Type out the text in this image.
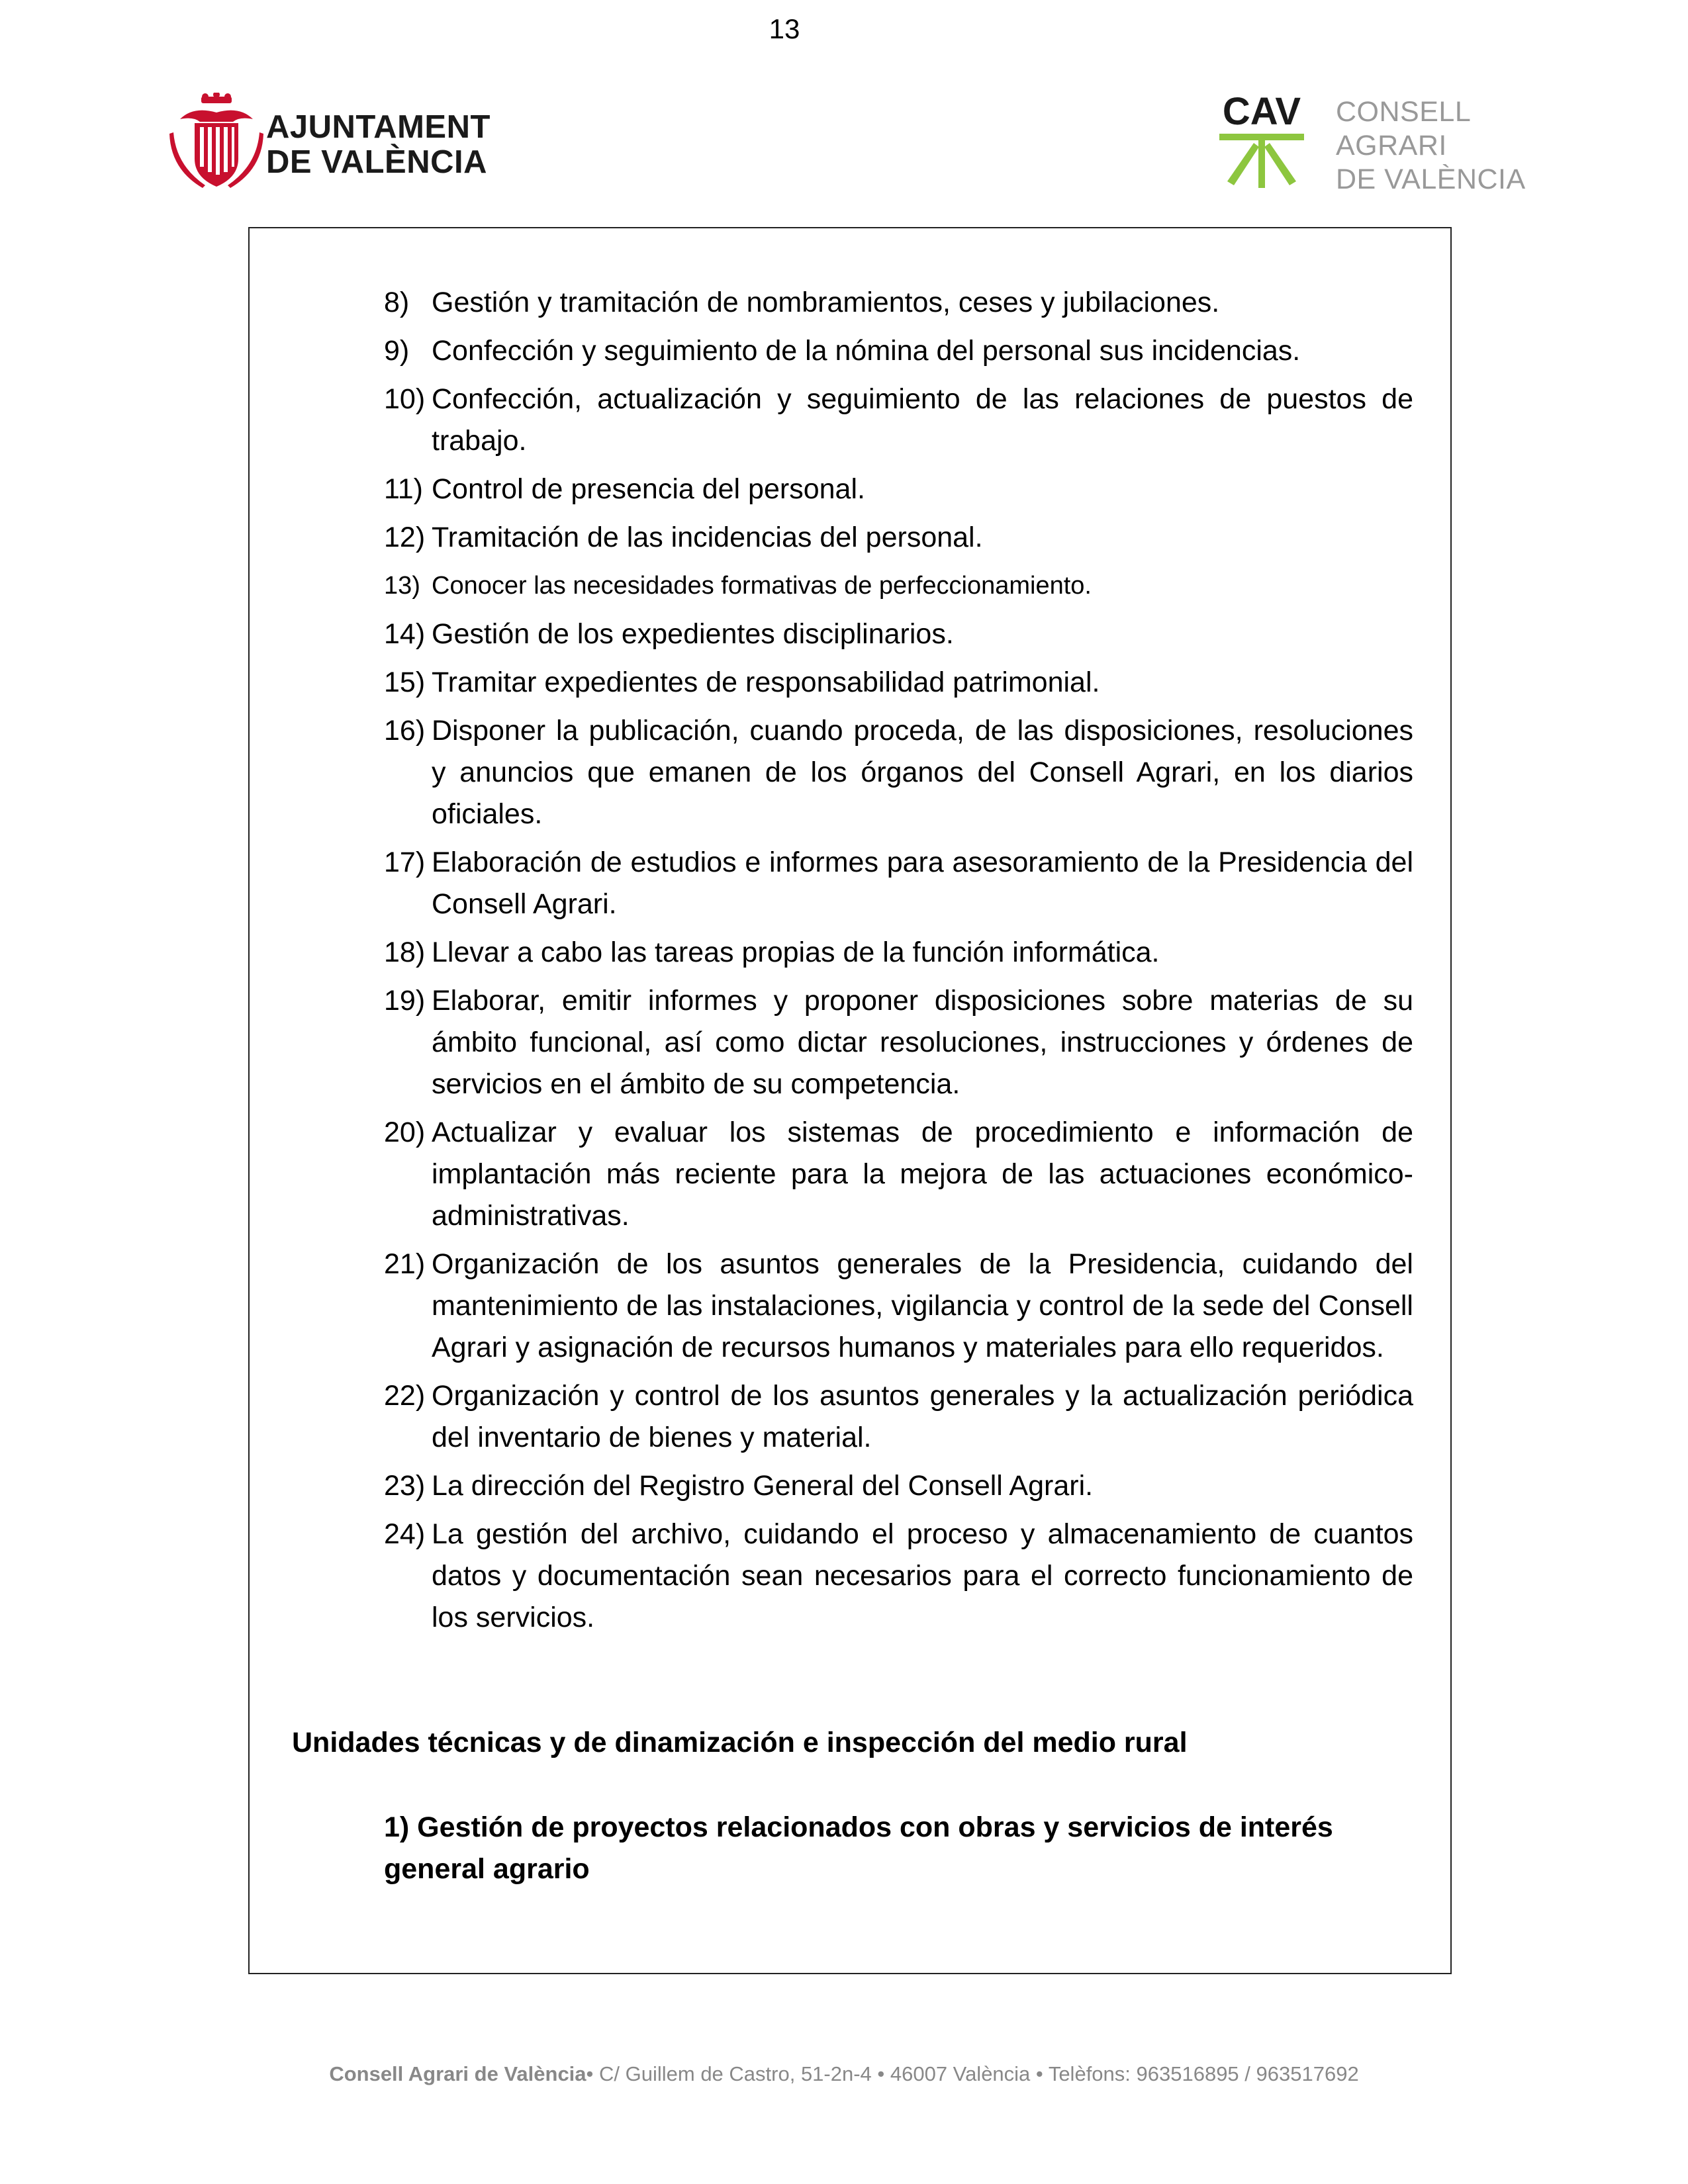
13
AJUNTAMENT
DE VALÈNCIA
CAV CONSELL
AGRARI
DE VALÈNCIA
8) Gestión y tramitación de nombramientos, ceses y jubilaciones.
9) Confección y seguimiento de la nómina del personal sus incidencias.
10) Confección, actualización y seguimiento de las relaciones de puestos de trabajo.
11) Control de presencia del personal.
12) Tramitación de las incidencias del personal.
13) Conocer las necesidades formativas de perfeccionamiento.
14) Gestión de los expedientes disciplinarios.
15) Tramitar expedientes de responsabilidad patrimonial.
16) Disponer la publicación, cuando proceda, de las disposiciones, resoluciones y anuncios que emanen de los órganos del Consell Agrari, en los diarios oficiales.
17) Elaboración de estudios e informes para asesoramiento de la Presidencia del Consell Agrari.
18) Llevar a cabo las tareas propias de la función informática.
19) Elaborar, emitir informes y proponer disposiciones sobre materias de su ámbito funcional, así como dictar resoluciones, instrucciones y órdenes de servicios en el ámbito de su competencia.
20) Actualizar y evaluar los sistemas de procedimiento e información de implantación más reciente para la mejora de las actuaciones económico-administrativas.
21) Organización de los asuntos generales de la Presidencia, cuidando del mantenimiento de las instalaciones, vigilancia y control de la sede del Consell Agrari y asignación de recursos humanos y materiales para ello requeridos.
22) Organización y control de los asuntos generales y la actualización periódica del inventario de bienes y material.
23) La dirección del Registro General del Consell Agrari.
24) La gestión del archivo, cuidando el proceso y almacenamiento de cuantos datos y documentación sean necesarios para el correcto funcionamiento de los servicios.
Unidades técnicas y de dinamización e inspección del medio rural
1) Gestión de proyectos relacionados con obras y servicios de interés general agrario
Consell Agrari de València• C/ Guillem de Castro, 51-2n-4 • 46007 València • Telèfons: 963516895 / 963517692
